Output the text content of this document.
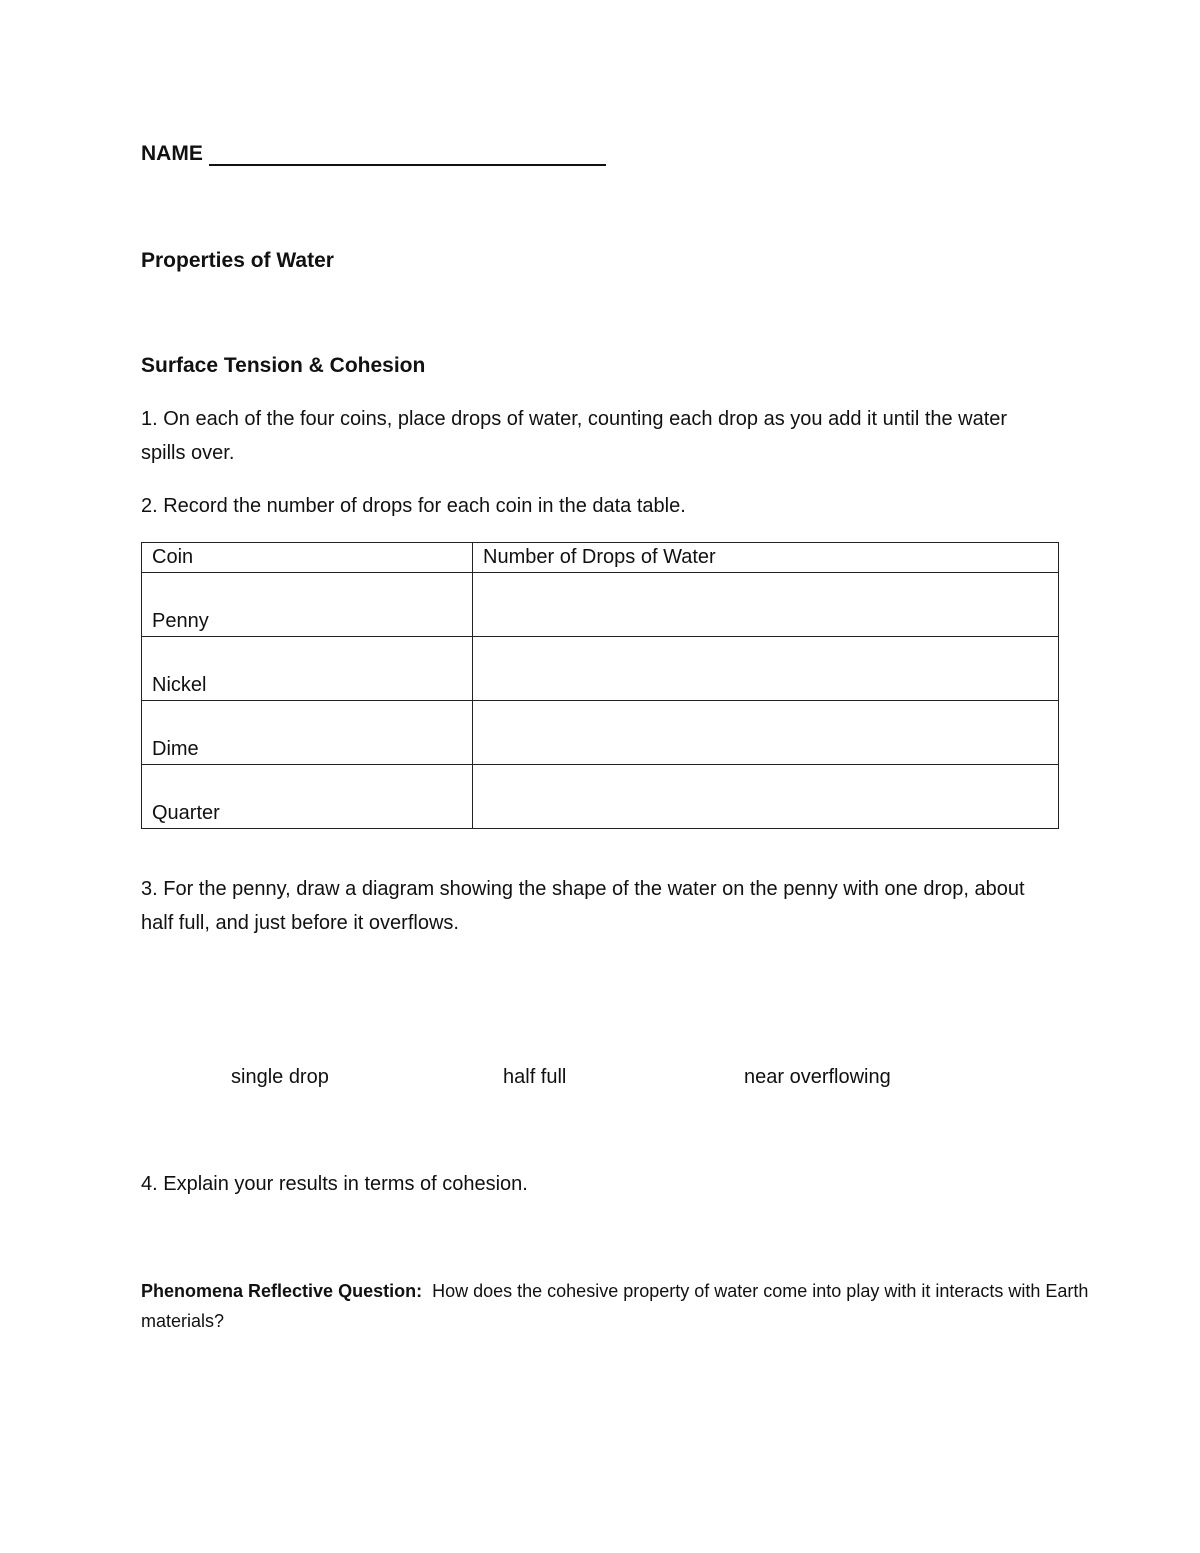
NAME
Properties of Water
Surface Tension & Cohesion
1. On each of the four coins, place drops of water, counting each drop as you add it until the water spills over.
2. Record the number of drops for each coin in the data table.
Coin	Number of Drops of Water
Penny	
Nickel	
Dime	
Quarter	
3. For the penny, draw a diagram showing the shape of the water on the penny with one drop, about half full, and just before it overflows.
single drop	half full	near overflowing
4. Explain your results in terms of cohesion.
Phenomena Reflective Question: How does the cohesive property of water come into play with it interacts with Earth materials?
